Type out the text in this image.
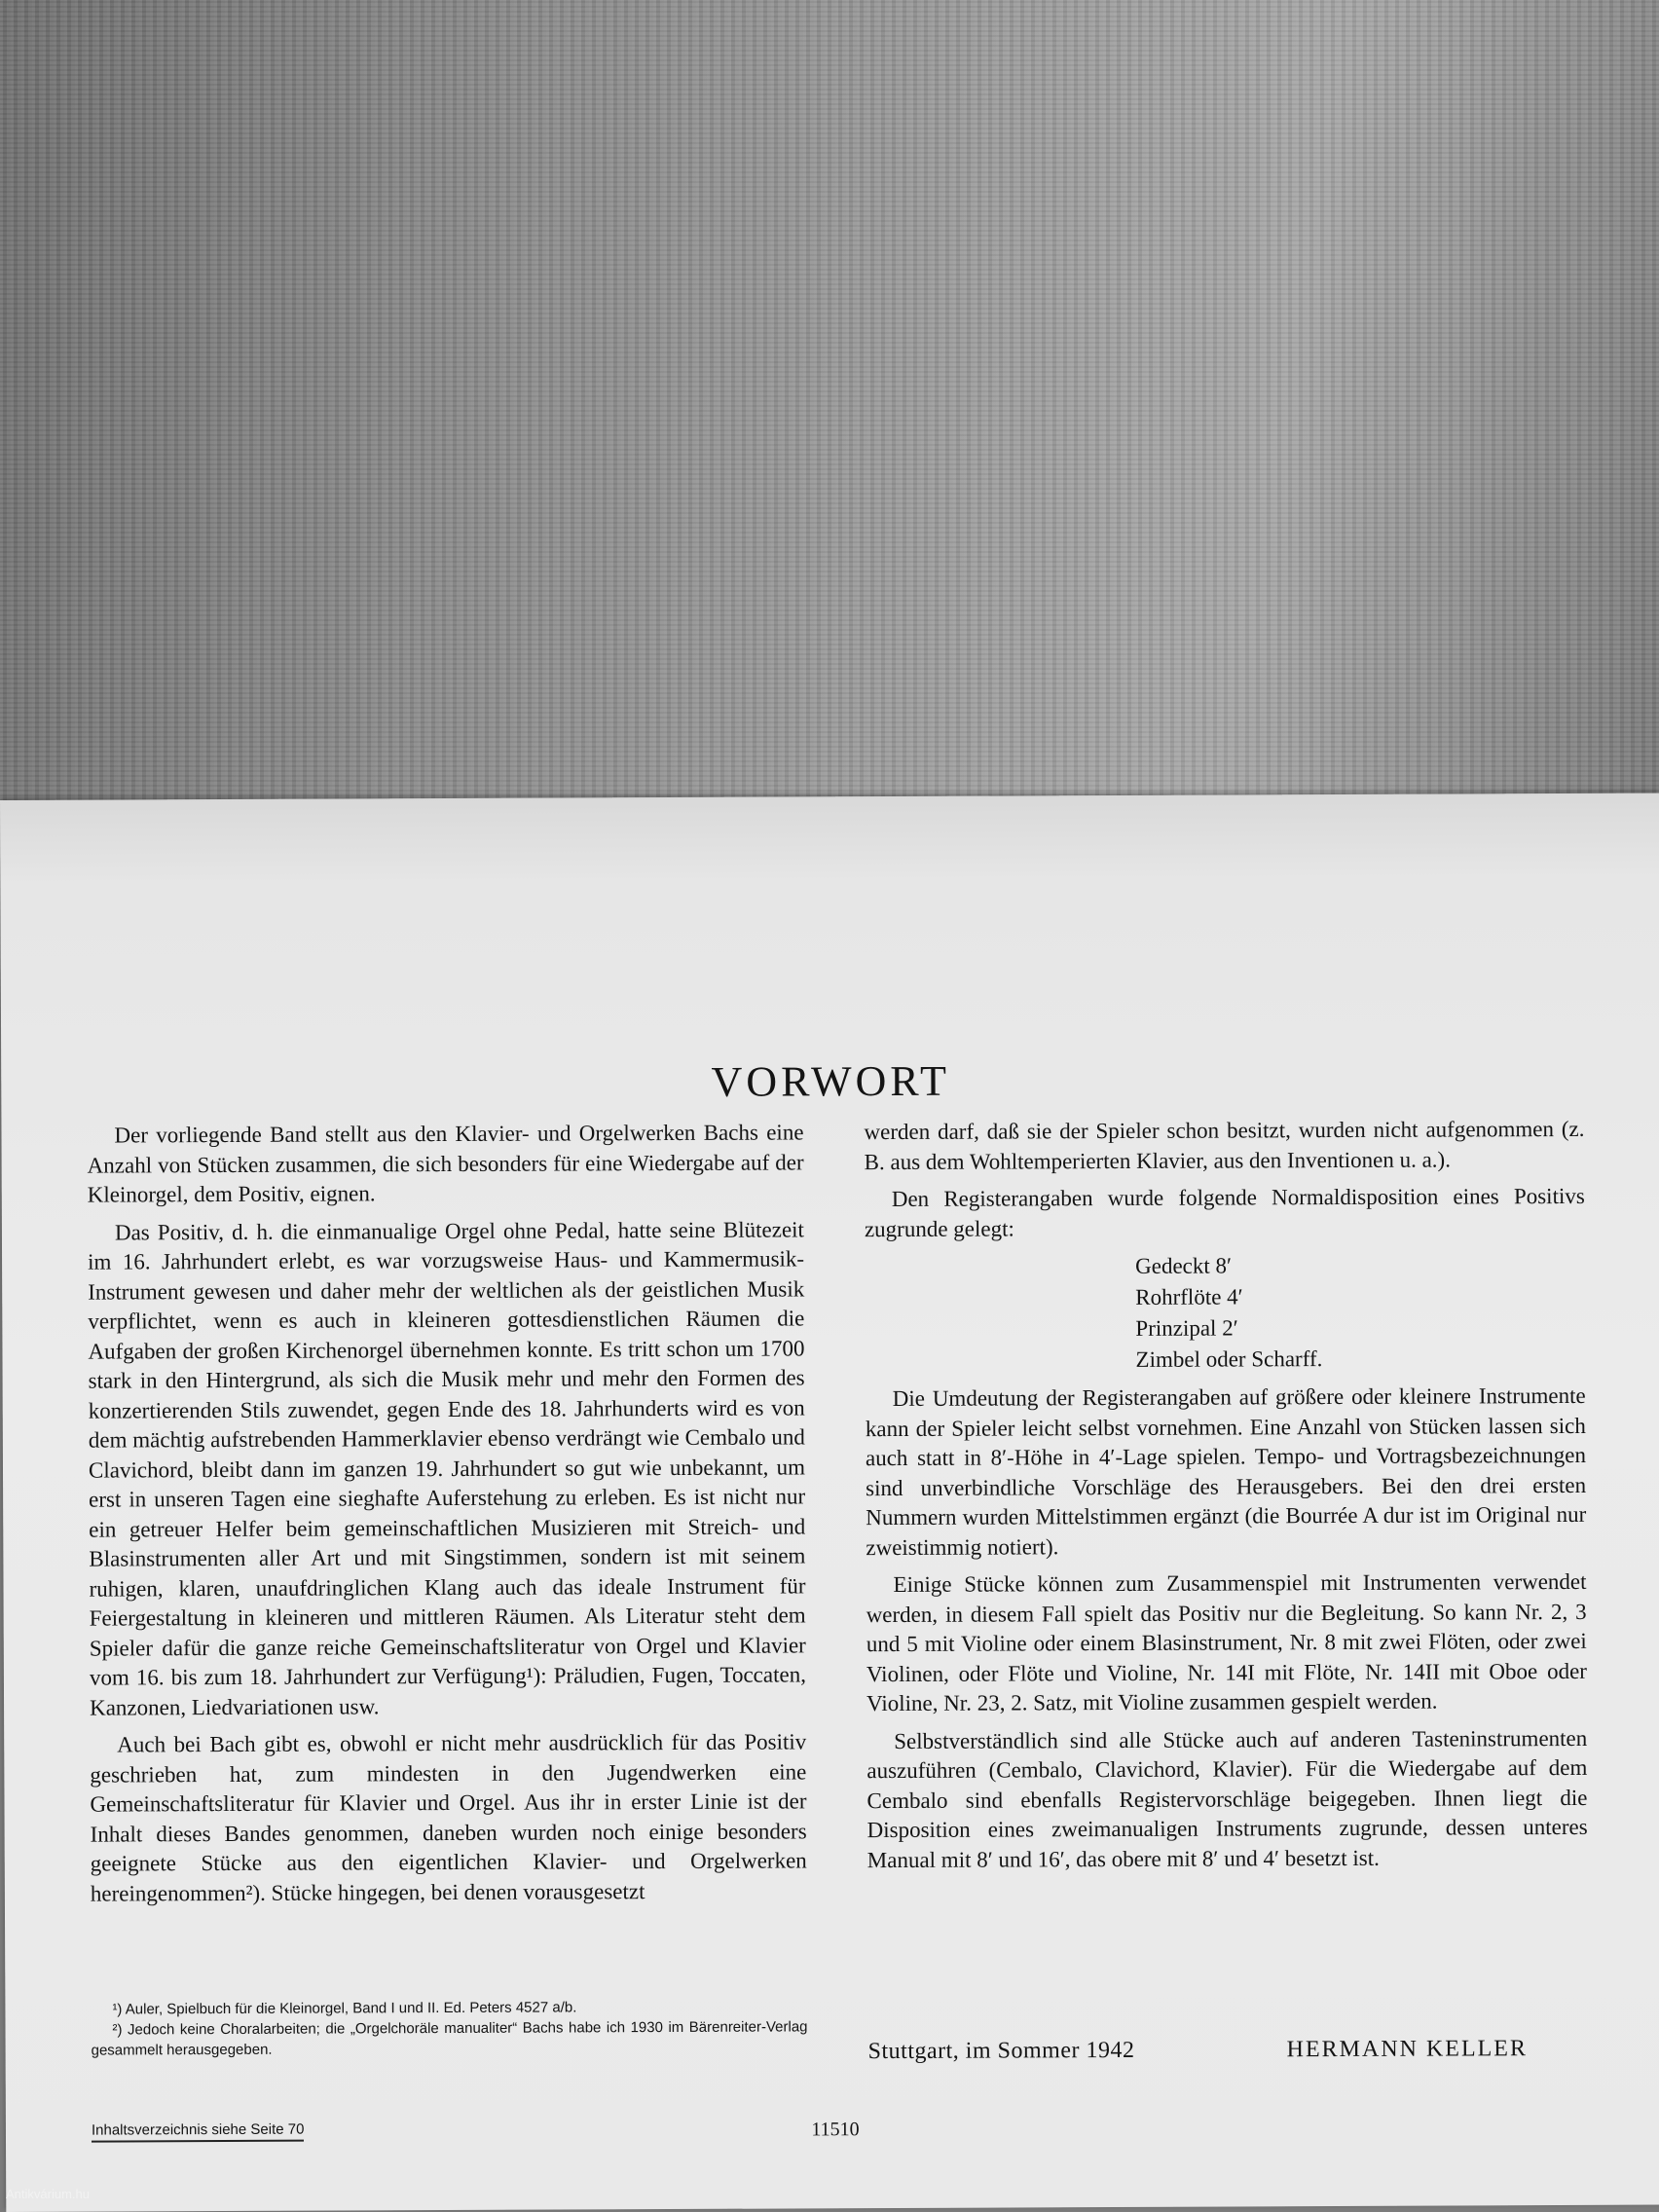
VORWORT

Der vorliegende Band stellt aus den Klavier- und Orgelwerken Bachs eine Anzahl von Stücken zusammen, die sich besonders für eine Wiedergabe auf der Kleinorgel, dem Positiv, eignen.

Das Positiv, d. h. die einmanualige Orgel ohne Pedal, hatte seine Blütezeit im 16. Jahrhundert erlebt, es war vorzugsweise Haus- und Kammermusik-Instrument gewesen und daher mehr der weltlichen als der geistlichen Musik verpflichtet, wenn es auch in kleineren gottesdienstlichen Räumen die Aufgaben der großen Kirchenorgel übernehmen konnte. Es tritt schon um 1700 stark in den Hintergrund, als sich die Musik mehr und mehr den Formen des konzertierenden Stils zuwendet, gegen Ende des 18. Jahrhunderts wird es von dem mächtig aufstrebenden Hammerklavier ebenso verdrängt wie Cembalo und Clavichord, bleibt dann im ganzen 19. Jahrhundert so gut wie unbekannt, um erst in unseren Tagen eine sieghafte Auferstehung zu erleben. Es ist nicht nur ein getreuer Helfer beim gemeinschaftlichen Musizieren mit Streich- und Blasinstrumenten aller Art und mit Singstimmen, sondern ist mit seinem ruhigen, klaren, unaufdringlichen Klang auch das ideale Instrument für Feiergestaltung in kleineren und mittleren Räumen. Als Literatur steht dem Spieler dafür die ganze reiche Gemeinschaftsliteratur von Orgel und Klavier vom 16. bis zum 18. Jahrhundert zur Verfügung¹): Präludien, Fugen, Toccaten, Kanzonen, Liedvariationen usw.

Auch bei Bach gibt es, obwohl er nicht mehr ausdrücklich für das Positiv geschrieben hat, zum mindesten in den Jugendwerken eine Gemeinschaftsliteratur für Klavier und Orgel. Aus ihr in erster Linie ist der Inhalt dieses Bandes genommen, daneben wurden noch einige besonders geeignete Stücke aus den eigentlichen Klavier- und Orgelwerken hereingenommen²). Stücke hingegen, bei denen vorausgesetzt

werden darf, daß sie der Spieler schon besitzt, wurden nicht aufgenommen (z. B. aus dem Wohltemperierten Klavier, aus den Inventionen u. a.).

Den Registerangaben wurde folgende Normaldisposition eines Positivs zugrunde gelegt:

Gedeckt 8′
Rohrflöte 4′
Prinzipal 2′
Zimbel oder Scharff.

Die Umdeutung der Registerangaben auf größere oder kleinere Instrumente kann der Spieler leicht selbst vornehmen. Eine Anzahl von Stücken lassen sich auch statt in 8′-Höhe in 4′-Lage spielen. Tempo- und Vortragsbezeichnungen sind unverbindliche Vorschläge des Herausgebers. Bei den drei ersten Nummern wurden Mittelstimmen ergänzt (die Bourrée A dur ist im Original nur zweistimmig notiert).

Einige Stücke können zum Zusammenspiel mit Instrumenten verwendet werden, in diesem Fall spielt das Positiv nur die Begleitung. So kann Nr. 2, 3 und 5 mit Violine oder einem Blasinstrument, Nr. 8 mit zwei Flöten, oder zwei Violinen, oder Flöte und Violine, Nr. 14I mit Flöte, Nr. 14II mit Oboe oder Violine, Nr. 23, 2. Satz, mit Violine zusammen gespielt werden.

Selbstverständlich sind alle Stücke auch auf anderen Tasteninstrumenten auszuführen (Cembalo, Clavichord, Klavier). Für die Wiedergabe auf dem Cembalo sind ebenfalls Registervorschläge beigegeben. Ihnen liegt die Disposition eines zweimanualigen Instruments zugrunde, dessen unteres Manual mit 8′ und 16′, das obere mit 8′ und 4′ besetzt ist.

¹) Auler, Spielbuch für die Kleinorgel, Band I und II. Ed. Peters 4527 a/b.

²) Jedoch keine Choralarbeiten; die „Orgelchoräle manualiter“ Bachs habe ich 1930 im Bärenreiter-Verlag gesammelt herausgegeben.	Stuttgart, im Sommer 1942	HERMANN KELLER
Inhaltsverzeichnis siehe Seite 70	11510
Antikvárium.hu
